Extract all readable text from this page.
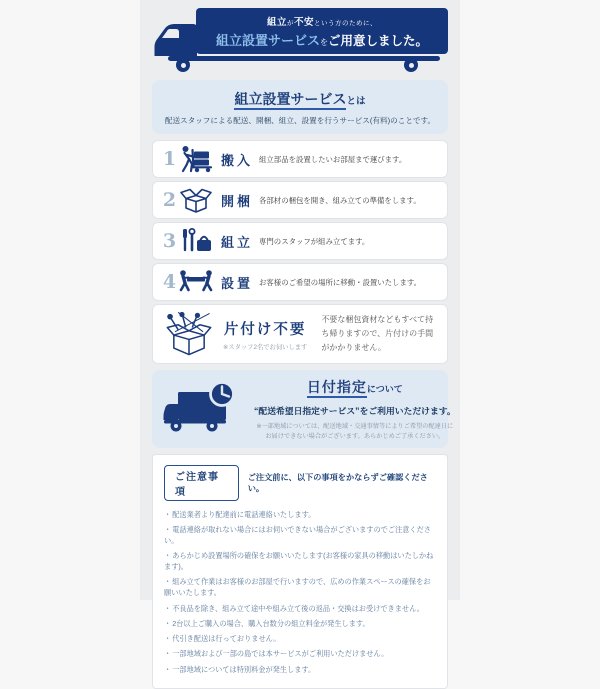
組立が不安という方のために、
組立設置サービスをご用意しました。
組立設置サービスとは
配送スタッフによる配送、開梱、組立、設置を行うサービス(有料)のことです。
1	搬入 組立部品を設置したいお部屋まで運びます。
2	開梱 各部材の梱包を開き、組み立ての準備をします。
3	組立 専門のスタッフが組み立てます。
4	設置 お客様のご希望の場所に移動・設置いたします。
片付け不要
※スタッフ2名でお伺いします
不要な梱包資材などもすべて持ち帰りますので、片付けの手間がかかりません。
日付指定について
“配送希望日指定サービス”をご利用いただけます。
※一部地域については、配送地域・交通事情等によりご希望の配達日にお届けできない場合がございます。あらかじめご了承ください。
ご注意事項
ご注文前に、以下の事項をかならずご確認ください。
・ 配送業者より配達前に電話連絡いたします。
・ 電話連絡が取れない場合にはお伺いできない場合がございますのでご注意ください。
・ あらかじめ設置場所の確保をお願いいたします(お客様の家具の移動はいたしかねます)。
・ 組み立て作業はお客様のお部屋で行いますので、広めの作業スペースの確保をお願いいたします。
・ 不良品を除き、組み立て途中や組み立て後の返品・交換はお受けできません。
・ 2台以上ご購入の場合、購入台数分の組立料金が発生します。
・ 代引き配送は行っておりません。
・ 一部地域および一部の島では本サービスがご利用いただけません。
・ 一部地域については特別料金が発生します。
